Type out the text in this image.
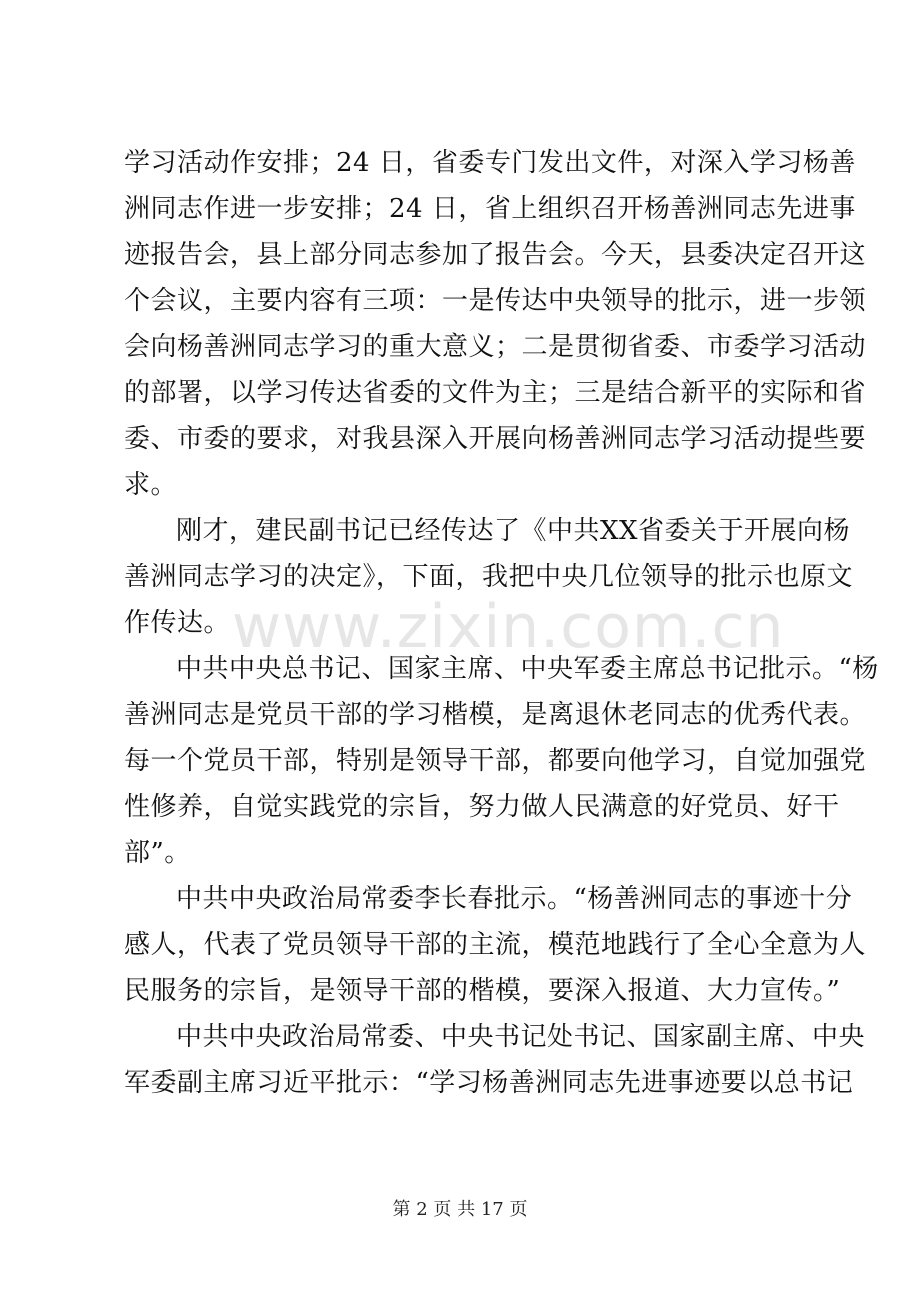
www.zixin.com.cn
学习活动作安排；24 日，省委专门发出文件，对深入学习杨善
洲同志作进一步安排；24 日，省上组织召开杨善洲同志先进事
迹报告会，县上部分同志参加了报告会。今天，县委决定召开这
个会议，主要内容有三项：一是传达中央领导的批示，进一步领
会向杨善洲同志学习的重大意义；二是贯彻省委、市委学习活动
的部署，以学习传达省委的文件为主；三是结合新平的实际和省
委、市委的要求，对我县深入开展向杨善洲同志学习活动提些要
求。
刚才，建民副书记已经传达了《中共XX省委关于开展向杨
善洲同志学习的决定》，下面，我把中央几位领导的批示也原文
作传达。
中共中央总书记、国家主席、中央军委主席总书记批示。“杨
善洲同志是党员干部的学习楷模，是离退休老同志的优秀代表。
每一个党员干部，特别是领导干部，都要向他学习，自觉加强党
性修养，自觉实践党的宗旨，努力做人民满意的好党员、好干
部”。
中共中央政治局常委李长春批示。“杨善洲同志的事迹十分
感人，代表了党员领导干部的主流，模范地践行了全心全意为人
民服务的宗旨，是领导干部的楷模，要深入报道、大力宣传。”
中共中央政治局常委、中央书记处书记、国家副主席、中央
军委副主席习近平批示：“学习杨善洲同志先进事迹要以总书记
第 2 页 共 17 页
